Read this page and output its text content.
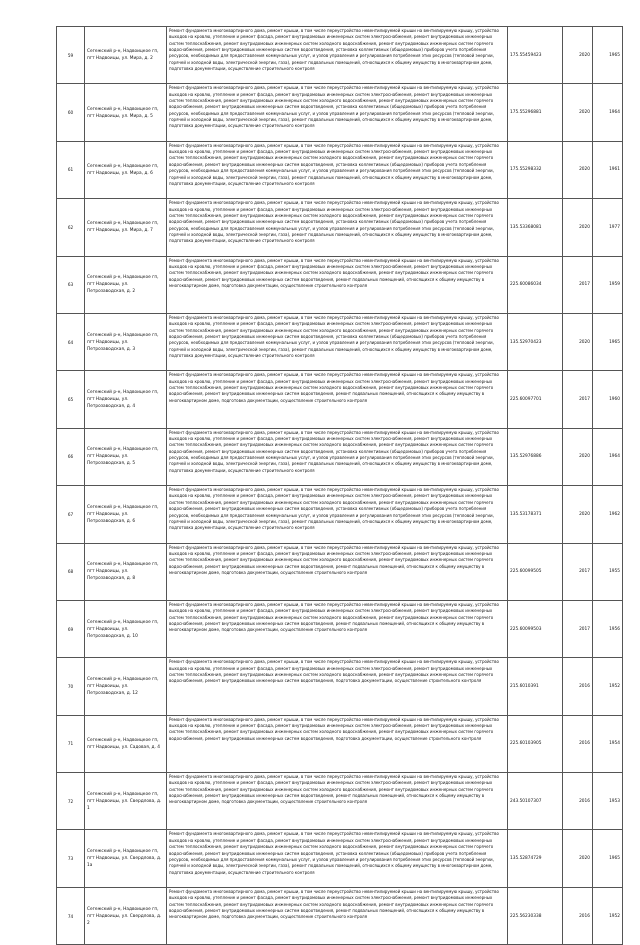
59	Сегежский р-н, Надвоицкое гп, пгт Надвоицы, ул. Мира, д. 2	Ремонт фундамента многоквартирного дома, ремонт крыши, в том числе переустройство невентилируемой крыши на вентилируемую крышу, устройство выходов на кровлю, утепление и ремонт фасада, ремонт внутридомовых инженерных систем электроснабжения, ремонт внутридомовых инженерных систем теплоснабжения, ремонт внутридомовых инженерных систем холодного водоснабжения, ремонт внутридомовых инженерных систем горячего водоснабжения, ремонт внутридомовых инженерных систем водоотведения, установка коллективных (общедомовых) приборов учета потребления ресурсов, необходимых для предоставления коммунальных услуг, и узлов управления и регулирования потребления этих ресурсов (тепловой энергии, горячей и холодной воды, электрической энергии, газа), ремонт подвальных помещений, относящихся к общему имуществу в многоквартирном доме, подготовка документации, осуществление строительного контроля	175.55459423	2020	1965
60	Сегежский р-н, Надвоицкое гп, пгт Надвоицы, ул. Мира, д. 5	Ремонт фундамента многоквартирного дома, ремонт крыши, в том числе переустройство невентилируемой крыши на вентилируемую крышу, устройство выходов на кровлю, утепление и ремонт фасада, ремонт внутридомовых инженерных систем электроснабжения, ремонт внутридомовых инженерных систем теплоснабжения, ремонт внутридомовых инженерных систем холодного водоснабжения, ремонт внутридомовых инженерных систем горячего водоснабжения, ремонт внутридомовых инженерных систем водоотведения, установка коллективных (общедомовых) приборов учета потребления ресурсов, необходимых для предоставления коммунальных услуг, и узлов управления и регулирования потребления этих ресурсов (тепловой энергии, горячей и холодной воды, электрической энергии, газа), ремонт подвальных помещений, относящихся к общему имуществу в многоквартирном доме, подготовка документации, осуществление строительного контроля	175.55296881	2020	1964
61	Сегежский р-н, Надвоицкое гп, пгт Надвоицы, ул. Мира, д. 6	Ремонт фундамента многоквартирного дома, ремонт крыши, в том числе переустройство невентилируемой крыши на вентилируемую крышу, устройство выходов на кровлю, утепление и ремонт фасада, ремонт внутридомовых инженерных систем электроснабжения, ремонт внутридомовых инженерных систем теплоснабжения, ремонт внутридомовых инженерных систем холодного водоснабжения, ремонт внутридомовых инженерных систем горячего водоснабжения, ремонт внутридомовых инженерных систем водоотведения, установка коллективных (общедомовых) приборов учета потребления ресурсов, необходимых для предоставления коммунальных услуг, и узлов управления и регулирования потребления этих ресурсов (тепловой энергии, горячей и холодной воды, электрической энергии, газа), ремонт подвальных помещений, относящихся к общему имуществу в многоквартирном доме, подготовка документации, осуществление строительного контроля	175.55298332	2020	1961
62	Сегежский р-н, Надвоицкое гп, пгт Надвоицы, ул. Мира, д. 7	Ремонт фундамента многоквартирного дома, ремонт крыши, в том числе переустройство невентилируемой крыши на вентилируемую крышу, устройство выходов на кровлю, утепление и ремонт фасада, ремонт внутридомовых инженерных систем электроснабжения, ремонт внутридомовых инженерных систем теплоснабжения, ремонт внутридомовых инженерных систем холодного водоснабжения, ремонт внутридомовых инженерных систем горячего водоснабжения, ремонт внутридомовых инженерных систем водоотведения, установка коллективных (общедомовых) приборов учета потребления ресурсов, необходимых для предоставления коммунальных услуг, и узлов управления и регулирования потребления этих ресурсов (тепловой энергии, горячей и холодной воды, электрической энергии, газа), ремонт подвальных помещений, относящихся к общему имуществу в многоквартирном доме, подготовка документации, осуществление строительного контроля	135.53368081	2020	1977
63	Сегежский р-н, Надвоицкое гп, пгт Надвоицы, ул. Петрозаводская, д. 2	Ремонт фундамента многоквартирного дома, ремонт крыши, в том числе переустройство невентилируемой крыши на вентилируемую крышу, устройство выходов на кровлю, утепление и ремонт фасада, ремонт внутридомовых инженерных систем электроснабжения, ремонт внутридомовых инженерных систем теплоснабжения, ремонт внутридомовых инженерных систем холодного водоснабжения, ремонт внутридомовых инженерных систем горячего водоснабжения, ремонт внутридомовых инженерных систем водоотведения, ремонт подвальных помещений, относящихся к общему имуществу в многоквартирном доме, подготовка документации, осуществление строительного контроля	225.60086034	2017	1959
64	Сегежский р-н, Надвоицкое гп, пгт Надвоицы, ул. Петрозаводская, д. 3	Ремонт фундамента многоквартирного дома, ремонт крыши, в том числе переустройство невентилируемой крыши на вентилируемую крышу, устройство выходов на кровлю, утепление и ремонт фасада, ремонт внутридомовых инженерных систем электроснабжения, ремонт внутридомовых инженерных систем теплоснабжения, ремонт внутридомовых инженерных систем холодного водоснабжения, ремонт внутридомовых инженерных систем горячего водоснабжения, ремонт внутридомовых инженерных систем водоотведения, установка коллективных (общедомовых) приборов учета потребления ресурсов, необходимых для предоставления коммунальных услуг, и узлов управления и регулирования потребления этих ресурсов (тепловой энергии, горячей и холодной воды, электрической энергии, газа), ремонт подвальных помещений, относящихся к общему имуществу в многоквартирном доме, подготовка документации, осуществление строительного контроля	135.52970423	2020	1965
65	Сегежский р-н, Надвоицкое гп, пгт Надвоицы, ул. Петрозаводская, д. 4	Ремонт фундамента многоквартирного дома, ремонт крыши, в том числе переустройство невентилируемой крыши на вентилируемую крышу, устройство выходов на кровлю, утепление и ремонт фасада, ремонт внутридомовых инженерных систем электроснабжения, ремонт внутридомовых инженерных систем теплоснабжения, ремонт внутридомовых инженерных систем холодного водоснабжения, ремонт внутридомовых инженерных систем горячего водоснабжения, ремонт внутридомовых инженерных систем водоотведения, ремонт подвальных помещений, относящихся к общему имуществу в многоквартирном доме, подготовка документации, осуществление строительного контроля	225.60097701	2017	1960
66	Сегежский р-н, Надвоицкое гп, пгт Надвоицы, ул. Петрозаводская, д. 5	Ремонт фундамента многоквартирного дома, ремонт крыши, в том числе переустройство невентилируемой крыши на вентилируемую крышу, устройство выходов на кровлю, утепление и ремонт фасада, ремонт внутридомовых инженерных систем электроснабжения, ремонт внутридомовых инженерных систем теплоснабжения, ремонт внутридомовых инженерных систем холодного водоснабжения, ремонт внутридомовых инженерных систем горячего водоснабжения, ремонт внутридомовых инженерных систем водоотведения, установка коллективных (общедомовых) приборов учета потребления ресурсов, необходимых для предоставления коммунальных услуг, и узлов управления и регулирования потребления этих ресурсов (тепловой энергии, горячей и холодной воды, электрической энергии, газа), ремонт подвальных помещений, относящихся к общему имуществу в многоквартирном доме, подготовка документации, осуществление строительного контроля	135.52976886	2020	1964
67	Сегежский р-н, Надвоицкое гп, пгт Надвоицы, ул. Петрозаводская, д. 6	Ремонт фундамента многоквартирного дома, ремонт крыши, в том числе переустройство невентилируемой крыши на вентилируемую крышу, устройство выходов на кровлю, утепление и ремонт фасада, ремонт внутридомовых инженерных систем электроснабжения, ремонт внутридомовых инженерных систем теплоснабжения, ремонт внутридомовых инженерных систем холодного водоснабжения, ремонт внутридомовых инженерных систем горячего водоснабжения, ремонт внутридомовых инженерных систем водоотведения, установка коллективных (общедомовых) приборов учета потребления ресурсов, необходимых для предоставления коммунальных услуг, и узлов управления и регулирования потребления этих ресурсов (тепловой энергии, горячей и холодной воды, электрической энергии, газа), ремонт подвальных помещений, относящихся к общему имуществу в многоквартирном доме, подготовка документации, осуществление строительного контроля	135.53178371	2020	1962
68	Сегежский р-н, Надвоицкое гп, пгт Надвоицы, ул. Петрозаводская, д. 8	Ремонт фундамента многоквартирного дома, ремонт крыши, в том числе переустройство невентилируемой крыши на вентилируемую крышу, устройство выходов на кровлю, утепление и ремонт фасада, ремонт внутридомовых инженерных систем электроснабжения, ремонт внутридомовых инженерных систем теплоснабжения, ремонт внутридомовых инженерных систем холодного водоснабжения, ремонт внутридомовых инженерных систем горячего водоснабжения, ремонт внутридомовых инженерных систем водоотведения, ремонт подвальных помещений, относящихся к общему имуществу в многоквартирном доме, подготовка документации, осуществление строительного контроля	225.60099505	2017	1955
69	Сегежский р-н, Надвоицкое гп, пгт Надвоицы, ул. Петрозаводская, д. 10	Ремонт фундамента многоквартирного дома, ремонт крыши, в том числе переустройство невентилируемой крыши на вентилируемую крышу, устройство выходов на кровлю, утепление и ремонт фасада, ремонт внутридомовых инженерных систем электроснабжения, ремонт внутридомовых инженерных систем теплоснабжения, ремонт внутридомовых инженерных систем холодного водоснабжения, ремонт внутридомовых инженерных систем горячего водоснабжения, ремонт внутридомовых инженерных систем водоотведения, ремонт подвальных помещений, относящихся к общему имуществу в многоквартирном доме, подготовка документации, осуществление строительного контроля	225.60099503	2017	1956
70	Сегежский р-н, Надвоицкое гп, пгт Надвоицы, ул. Петрозаводская, д. 12	Ремонт фундамента многоквартирного дома, ремонт крыши, в том числе переустройство невентилируемой крыши на вентилируемую крышу, устройство выходов на кровлю, утепление и ремонт фасада, ремонт внутридомовых инженерных систем электроснабжения, ремонт внутридомовых инженерных систем теплоснабжения, ремонт внутридомовых инженерных систем холодного водоснабжения, ремонт внутридомовых инженерных систем горячего водоснабжения, ремонт внутридомовых инженерных систем водоотведения, подготовка документации, осуществление строительного контроля	215.6010391	2016	1952
71	Сегежский р-н, Надвоицкое гп, пгт Надвоицы, ул. Садовая, д. 4	Ремонт фундамента многоквартирного дома, ремонт крыши, в том числе переустройство невентилируемой крыши на вентилируемую крышу, устройство выходов на кровлю, утепление и ремонт фасада, ремонт внутридомовых инженерных систем электроснабжения, ремонт внутридомовых инженерных систем теплоснабжения, ремонт внутридомовых инженерных систем холодного водоснабжения, ремонт внутридомовых инженерных систем горячего водоснабжения, ремонт внутридомовых инженерных систем водоотведения, подготовка документации, осуществление строительного контроля	225.60103905	2016	1954
72	Сегежский р-н, Надвоицкое гп, пгт Надвоицы, ул. Свердлова, д. 1	Ремонт фундамента многоквартирного дома, ремонт крыши, в том числе переустройство невентилируемой крыши на вентилируемую крышу, устройство выходов на кровлю, утепление и ремонт фасада, ремонт внутридомовых инженерных систем электроснабжения, ремонт внутридомовых инженерных систем теплоснабжения, ремонт внутридомовых инженерных систем холодного водоснабжения, ремонт внутридомовых инженерных систем горячего водоснабжения, ремонт внутридомовых инженерных систем водоотведения, ремонт подвальных помещений, относящихся к общему имуществу в многоквартирном доме, подготовка документации, осуществление строительного контроля	243.50107307	2016	1953
73	Сегежский р-н, Надвоицкое гп, пгт Надвоицы, ул. Свердлова, д. 1а	Ремонт фундамента многоквартирного дома, ремонт крыши, в том числе переустройство невентилируемой крыши на вентилируемую крышу, устройство выходов на кровлю, утепление и ремонт фасада, ремонт внутридомовых инженерных систем электроснабжения, ремонт внутридомовых инженерных систем теплоснабжения, ремонт внутридомовых инженерных систем холодного водоснабжения, ремонт внутридомовых инженерных систем горячего водоснабжения, ремонт внутридомовых инженерных систем водоотведения, установка коллективных (общедомовых) приборов учета потребления ресурсов, необходимых для предоставления коммунальных услуг, и узлов управления и регулирования потребления этих ресурсов (тепловой энергии, горячей и холодной воды, электрической энергии, газа), ремонт подвальных помещений, относящихся к общему имуществу в многоквартирном доме, подготовка документации, осуществление строительного контроля	135.52874729	2020	1965
74	Сегежский р-н, Надвоицкое гп, пгт Надвоицы, ул. Свердлова, д. 2	Ремонт фундамента многоквартирного дома, ремонт крыши, в том числе переустройство невентилируемой крыши на вентилируемую крышу, устройство выходов на кровлю, утепление и ремонт фасада, ремонт внутридомовых инженерных систем электроснабжения, ремонт внутридомовых инженерных систем теплоснабжения, ремонт внутридомовых инженерных систем холодного водоснабжения, ремонт внутридомовых инженерных систем горячего водоснабжения, ремонт внутридомовых инженерных систем водоотведения, ремонт подвальных помещений, относящихся к общему имуществу в многоквартирном доме, подготовка документации, осуществление строительного контроля	225.56230338	2016	1952
